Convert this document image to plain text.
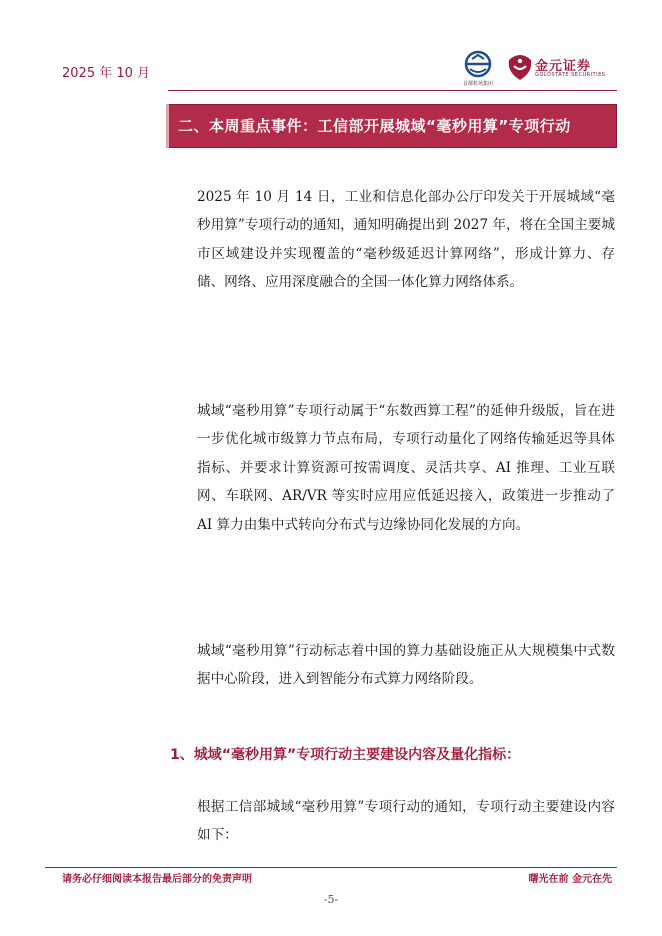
2025 年 10 月
首都机场集团
金元证券
GOLDSTATE SECURITIES
二、本周重点事件：工信部开展城域“毫秒用算”专项行动

2025 年 10 月 14 日，工业和信息化部办公厅印发关于开展城域“毫秒用算”专项行动的通知，通知明确提出到 2027 年，将在全国主要城市区域建设并实现覆盖的“毫秒级延迟计算网络”，形成计算力、存储、网络、应用深度融合的全国一体化算力网络体系。

城域“毫秒用算”专项行动属于“东数西算工程”的延伸升级版，旨在进一步优化城市级算力节点布局，专项行动量化了网络传输延迟等具体指标、并要求计算资源可按需调度、灵活共享、AI 推理、工业互联网、车联网、AR/VR 等实时应用应低延迟接入，政策进一步推动了 AI 算力由集中式转向分布式与边缘协同化发展的方向。

城域“毫秒用算”行动标志着中国的算力基础设施正从大规模集中式数据中心阶段，进入到智能分布式算力网络阶段。

1、城域“毫秒用算”专项行动主要建设内容及量化指标：

根据工信部城域“毫秒用算”专项行动的通知，专项行动主要建设内容如下：

请务必仔细阅读本报告最后部分的免责声明	曙光在前 金元在先
-5-
